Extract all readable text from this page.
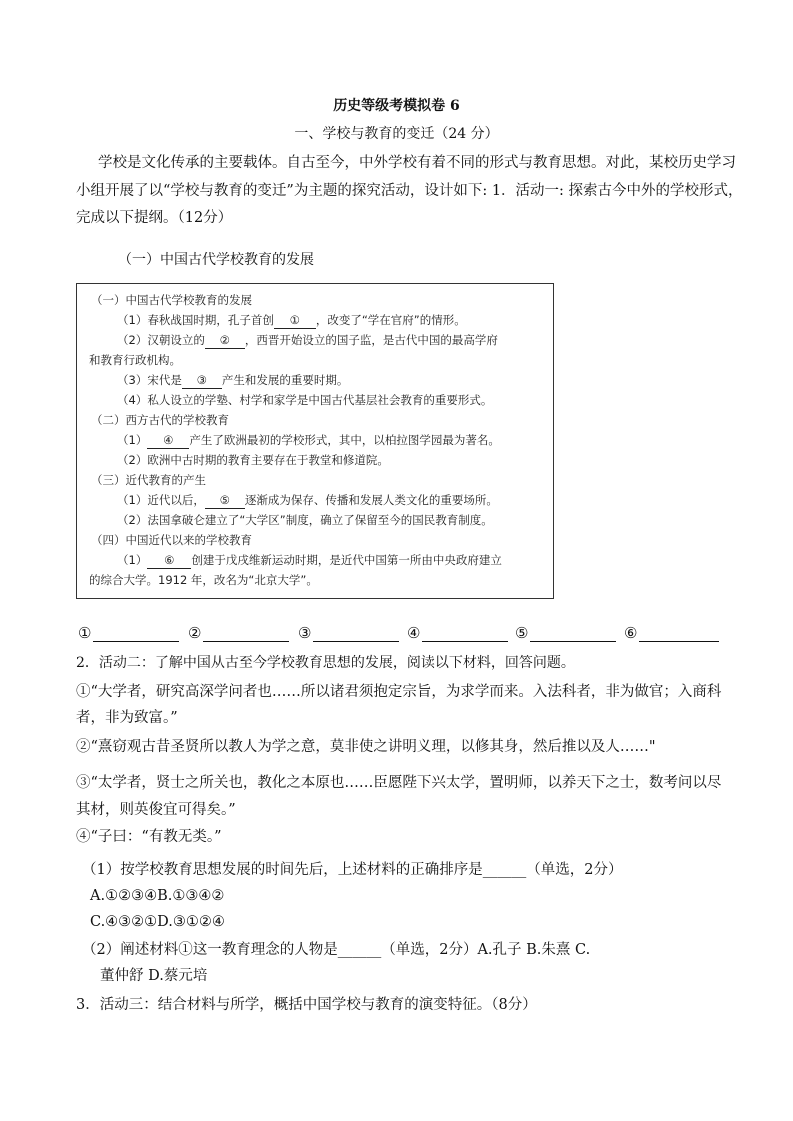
历史等级考模拟卷 6
一、学校与教育的变迁（24 分）
学校是文化传承的主要载体。自古至今，中外学校有着不同的形式与教育思想。对此，某校历史学习
小组开展了以“学校与教育的变迁”为主题的探究活动，设计如下: 1．活动一: 探索古今中外的学校形式，
完成以下提纲。（12分）
（一）中国古代学校教育的发展
（一）中国古代学校教育的发展
（1）春秋战国时期，孔子首创 ① ，改变了“学在官府”的情形。
（2）汉朝设立的 ② ，西晋开始设立的国子监，是古代中国的最高学府
和教育行政机构。
（3）宋代是 ③ 产生和发展的重要时期。
（4）私人设立的学塾、村学和家学是中国古代基层社会教育的重要形式。
（二）西方古代的学校教育
（1） ④ 产生了欧洲最初的学校形式，其中，以柏拉图学园最为著名。
（2）欧洲中古时期的教育主要存在于教堂和修道院。
（三）近代教育的产生
（1）近代以后， ⑤ 逐渐成为保存、传播和发展人类文化的重要场所。
（2）法国拿破仑建立了“大学区”制度，确立了保留至今的国民教育制度。
（四）中国近代以来的学校教育
（1） ⑥ 创建于戊戌维新运动时期，是近代中国第一所由中央政府建立
的综合大学。1912 年，改名为“北京大学”。
①	②	③	④	⑤	⑥
2．活动二：了解中国从古至今学校教育思想的发展，阅读以下材料，回答问题。
①“大学者，研究高深学问者也……所以诸君须抱定宗旨，为求学而来。入法科者，非为做官；入商科
者，非为致富。”
②“熹窃观古昔圣贤所以教人为学之意，莫非使之讲明义理，以修其身，然后推以及人……"
③“太学者，贤士之所关也，教化之本原也……臣愿陛下兴太学，置明师，以养天下之士，数考问以尽
其材，则英俊宜可得矣。”
④“子曰：“有教无类。”
（1）按学校教育思想发展的时间先后，上述材料的正确排序是______（单选，2分）
A.①②③④B.①③④②
C.④③②①D.③①②④
（2）阐述材料①这一教育理念的人物是______（单选，2分）A.孔子 B.朱熹 C.
董仲舒 D.蔡元培
3．活动三：结合材料与所学，概括中国学校与教育的演变特征。（8分）
